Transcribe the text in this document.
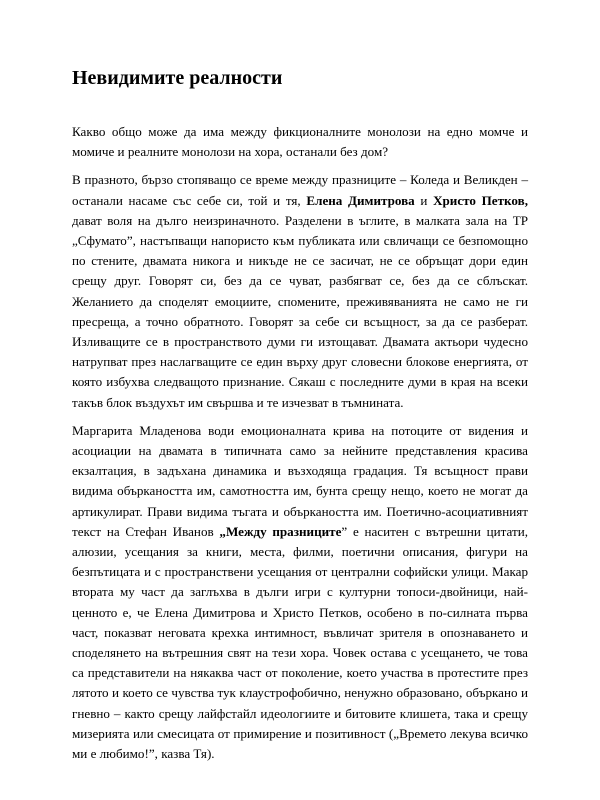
Невидимите реалности

Какво общо може да има между фикционалните монолози на едно момче и момиче и реалните монолози на хора, останали без дом?

В празното, бързо стопяващо се време между празниците – Коледа и Великден – останали насаме със себе си, той и тя, Елена Димитрова и Христо Петков, дават воля на дълго неизриначното. Разделени в ъглите, в малката зала на ТР „Сфумато”, настъпващи напористо към публиката или свличащи се безпомощно по стените, двамата никога и никъде не се засичат, не се обръщат дори един срещу друг. Говорят си, без да се чуват, разбягват се, без да се сблъскат. Желанието да споделят емоциите, спомените, преживяванията не само не ги пресреща, а точно обратното. Говорят за себе си всъщност, за да се разберат. Изливащите се в пространството думи ги изтощават. Двамата актьори чудесно натрупват през наслагващите се един върху друг словесни блокове енергията, от която избухва следващото признание. Сякаш с последните думи в края на всеки такъв блок въздухът им свършва и те изчезват в тъмнината.

Маргарита Младенова води емоционалната крива на потоците от видения и асоциации на двамата в типичната само за нейните представления красива екзалтация, в задъхана динамика и възходяща градация. Тя всъщност прави видима объркаността им, самотността им, бунта срещу нещо, което не могат да артикулират. Прави видима тъгата и объркаността им. Поетично-асоциативният текст на Стефан Иванов „Между празниците” е наситен с вътрешни цитати, алюзии, усещания за книги, места, филми, поетични описания, фигури на безпътицата и с пространствени усещания от централни софийски улици. Макар втората му част да заглъхва в дълги игри с културни топоси-двойници, най-ценното е, че Елена Димитрова и Христо Петков, особено в по-силната първа част, показват неговата крехка интимност, въвличат зрителя в опознаването и споделянето на вътрешния свят на тези хора. Човек остава с усещането, че това са представители на някаква част от поколение, което участва в протестите през лятото и което се чувства тук клаустрофобично, ненужно образовано, объркано и гневно – както срещу лайфстайл идеологиите и битовите клишета, така и срещу мизерията или смесицата от примирение и позитивност („Времето лекува всичко ми е любимо!”, казва Тя).
